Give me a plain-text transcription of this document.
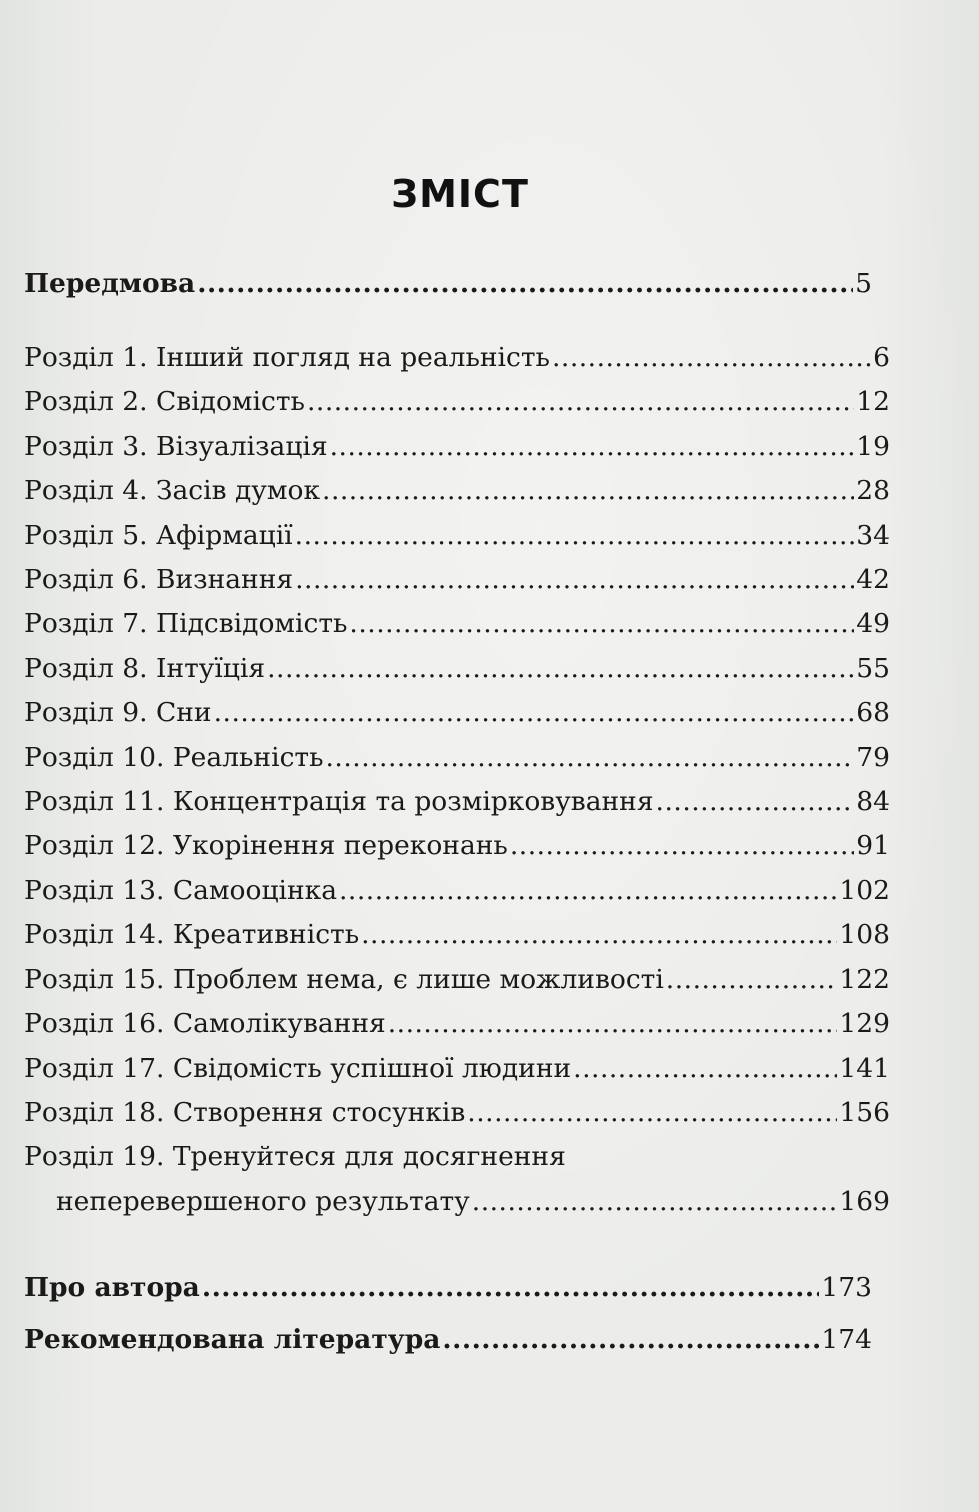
ЗМІСТ
Передмова .....	5
Розділ 1. Інший погляд на реальність .....	6
Розділ 2. Свідомість .....	12
Розділ 3. Візуалізація .....	19
Розділ 4. Засів думок .....	28
Розділ 5. Афірмації .....	34
Розділ 6. Визнання .....	42
Розділ 7. Підсвідомість .....	49
Розділ 8. Інтуїція .....	55
Розділ 9. Сни .....	68
Розділ 10. Реальність .....	79
Розділ 11. Концентрація та розмірковування .....	84
Розділ 12. Укорінення переконань .....	91
Розділ 13. Самооцінка .....	102
Розділ 14. Креативність .....	108
Розділ 15. Проблем нема, є лише можливості .....	122
Розділ 16. Самолікування .....	129
Розділ 17. Свідомість успішної людини .....	141
Розділ 18. Створення стосунків .....	156
Розділ 19. Тренуйтеся для досягнення
неперевершеного результату .....	169
Про автора .....	173
Рекомендована література .....	174
